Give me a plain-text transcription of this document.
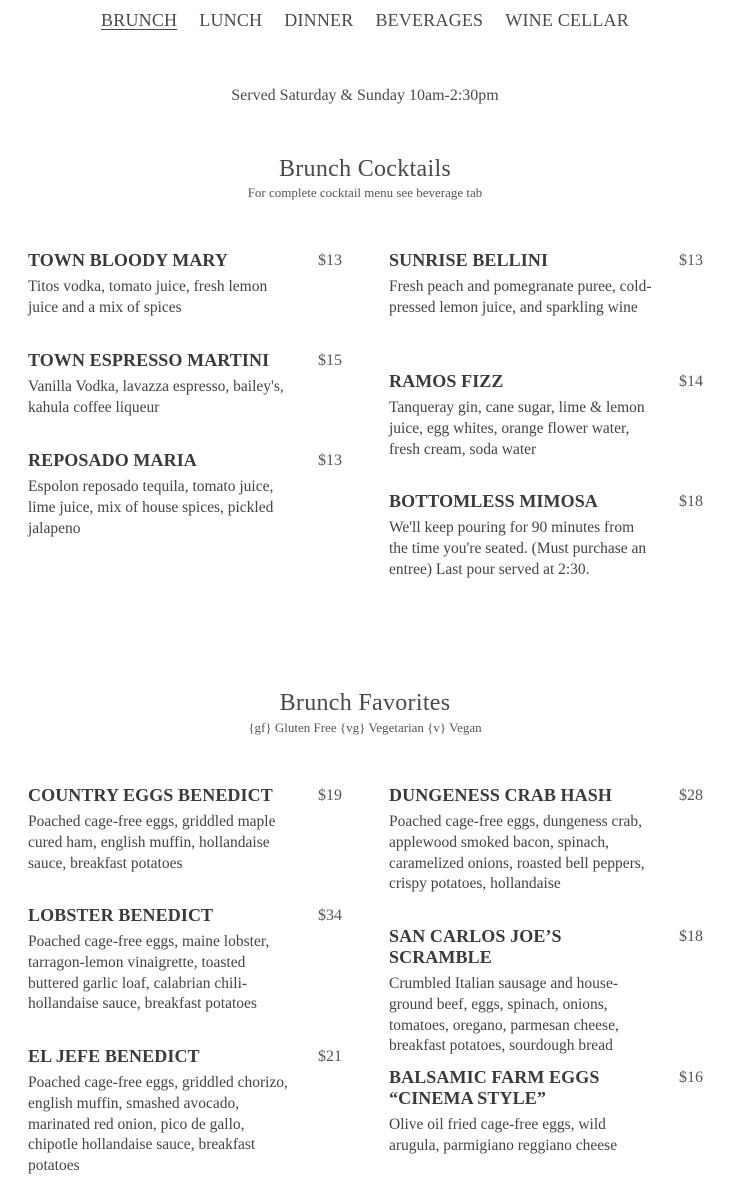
BRUNCH LUNCH DINNER BEVERAGES WINE CELLAR
Served Saturday & Sunday 10am-2:30pm
Brunch Cocktails
For complete cocktail menu see beverage tab
TOWN BLOODY MARY	$13
Titos vodka, tomato juice, fresh lemon juice and a mix of spices
TOWN ESPRESSO MARTINI	$15
Vanilla Vodka, lavazza espresso, bailey's, kahula coffee liqueur
REPOSADO MARIA	$13
Espolon reposado tequila, tomato juice, lime juice, mix of house spices, pickled jalapeno
SUNRISE BELLINI	$13
Fresh peach and pomegranate puree, cold-pressed lemon juice, and sparkling wine
RAMOS FIZZ	$14
Tanqueray gin, cane sugar, lime & lemon juice, egg whites, orange flower water, fresh cream, soda water
BOTTOMLESS MIMOSA	$18
We'll keep pouring for 90 minutes from the time you're seated. (Must purchase an entree) Last pour served at 2:30.
Brunch Favorites
{gf} Gluten Free {vg} Vegetarian {v} Vegan
COUNTRY EGGS BENEDICT	$19
Poached cage-free eggs, griddled maple cured ham, english muffin, hollandaise sauce, breakfast potatoes
LOBSTER BENEDICT	$34
Poached cage-free eggs, maine lobster, tarragon-lemon vinaigrette, toasted buttered garlic loaf, calabrian chili-hollandaise sauce, breakfast potatoes
EL JEFE BENEDICT	$21
Poached cage-free eggs, griddled chorizo, english muffin, smashed avocado, marinated red onion, pico de gallo, chipotle hollandaise sauce, breakfast potatoes
DUNGENESS CRAB HASH	$28
Poached cage-free eggs, dungeness crab, applewood smoked bacon, spinach, caramelized onions, roasted bell peppers, crispy potatoes, hollandaise
SAN CARLOS JOE’S SCRAMBLE
$18
Crumbled Italian sausage and house-ground beef, eggs, spinach, onions, tomatoes, oregano, parmesan cheese, breakfast potatoes, sourdough bread
BALSAMIC FARM EGGS “CINEMA STYLE”
$16
Olive oil fried cage-free eggs, wild arugula, parmigiano reggiano cheese
